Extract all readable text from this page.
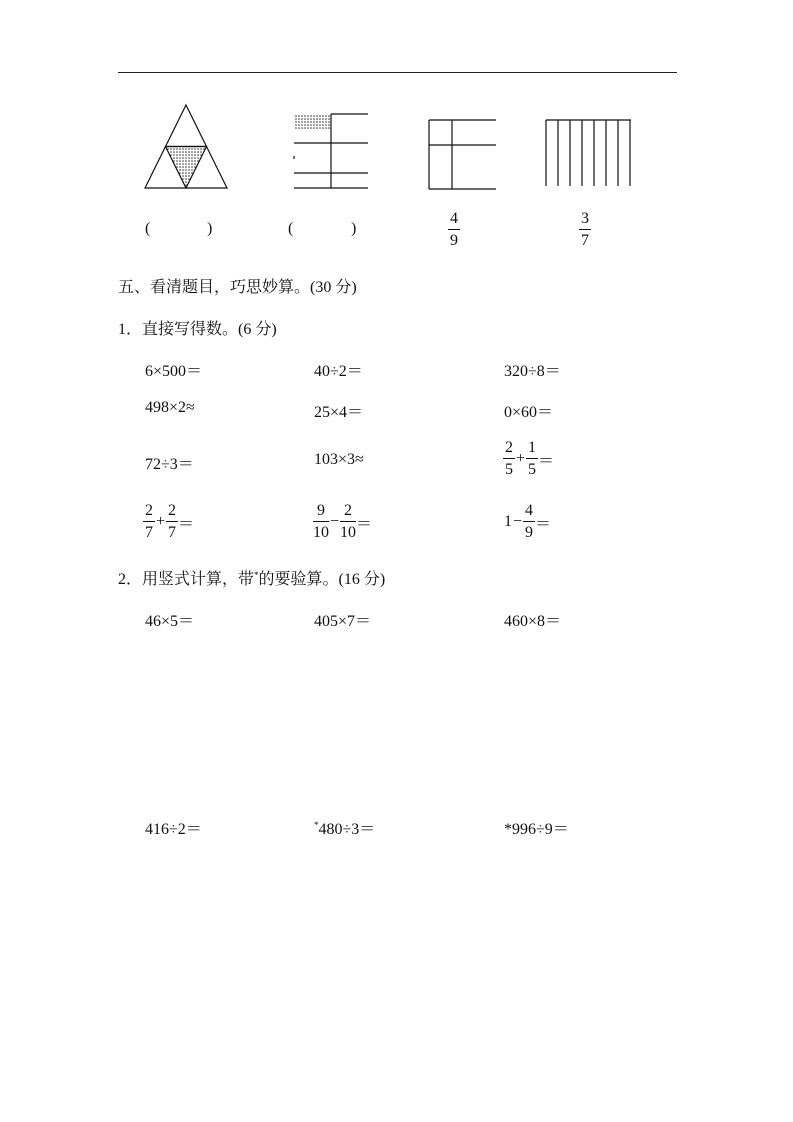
(	)	(	)
4
9
3
7
五、看清题目，巧思妙算。(30 分)
1．直接写得数。(6 分)
6×500＝	40÷2＝	320÷8＝
498×2≈	25×4＝	0×60＝
72÷3＝	103×3≈	$\frac{2}{5} + \frac{1}{5}$ ＝
$\frac{2}{7} + \frac{2}{7}$ ＝	$\frac{9}{10} - \frac{2}{10}$ ＝	$1 - \frac{4}{9}$ ＝
2．用竖式计算，带*的要验算。(16 分)
46×5＝	405×7＝	460×8＝
416÷2＝	*480÷3＝	*996÷9＝
